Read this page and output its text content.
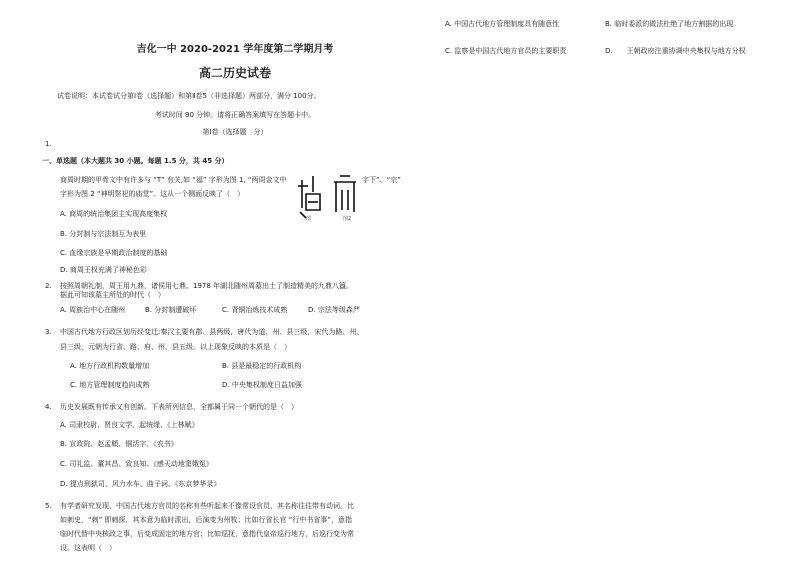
A. 中国古代地方管理制度具有随意性	B. 临时委派的做法杜绝了地方割据的出现
C. 监察是中国古代地方官员的主要职责	D.　　王朝政府注重协调中央集权与地方分权
吉化一中 2020-2021 学年度第二学期月考
高二历史试卷
试卷说明：本试卷试分第Ⅰ卷（选择题）和第Ⅱ卷5（非选择题）两部分，满分 100分。
考试时间 90 分钟。请将正确答案填写在答题卡中。
第Ⅰ卷（选择题　分）
1.
一、单选题（本大题共 30 小题。每题 1.5 分，共 45 分）
商周时期的甲骨文中有许多与 “T” 有关,如 “福” 字形为图 1, “两周金文中	字下”、“宗”
字形为图 2 “神明祭祀的庙堂”。这从一个侧面反映了（　）
图	图2
A. 商周的统治集团主实现高度集权
B. 分封制与宗法制互为表里
C. 血缘宗族是早期政治制度的基础
D. 商周王权充满了神秘色彩
2. 按照周朝礼制，周王用九鼎，诸侯用七鼎。1978 年湖北随州周墓出土了制造精美的九鼎八簋。
据此可知该墓主所处的时代（　）
A. 周族治中心在随州	B. 分封制遭破坏	C. 青铜冶炼技术成熟	D. 宗法等级森严
3. 中国古代地方行政区划历经变迁:秦汉主要有郡、县两级，唐代为道、州、县三级，宋代为路、州、
县三级，元朝为行省、路、府、州、县五级。以上现象反映的本质是（　）
A. 地方行政机构数量增加	B. 县是最稳定的行政机构
C. 地方管理制度趋向成熟	D. 中央集权制度日益加强
4. 历史发展既有传承又有创新。下表所列信息，全都属于同一个朝代的是（　）
A. 司隶校尉、贤良文学、起统缘、《上林赋》
B. 宣政院、赵孟頫、铜活字、《农书》
C. 司礼监、董其昌、致良知、《感天动地窦娥冤》
D. 提点刑狱司、风力水车、曲子词、《东京梦华录》
5. 有学者研究发现，中国古代地方官员的名称有些听起来不像常设官员，其名称往往带有动词。比
如刺史，“刺” 即刺探，其本意为临时派出，后演变为州牧；比如行省长官 “行中书省事”，意指
临时代替中央核政之事，后变成固定的地方官；比如巡抚，意指代皇帝巡行地方，后巡行变为常
设。这表明（　）
